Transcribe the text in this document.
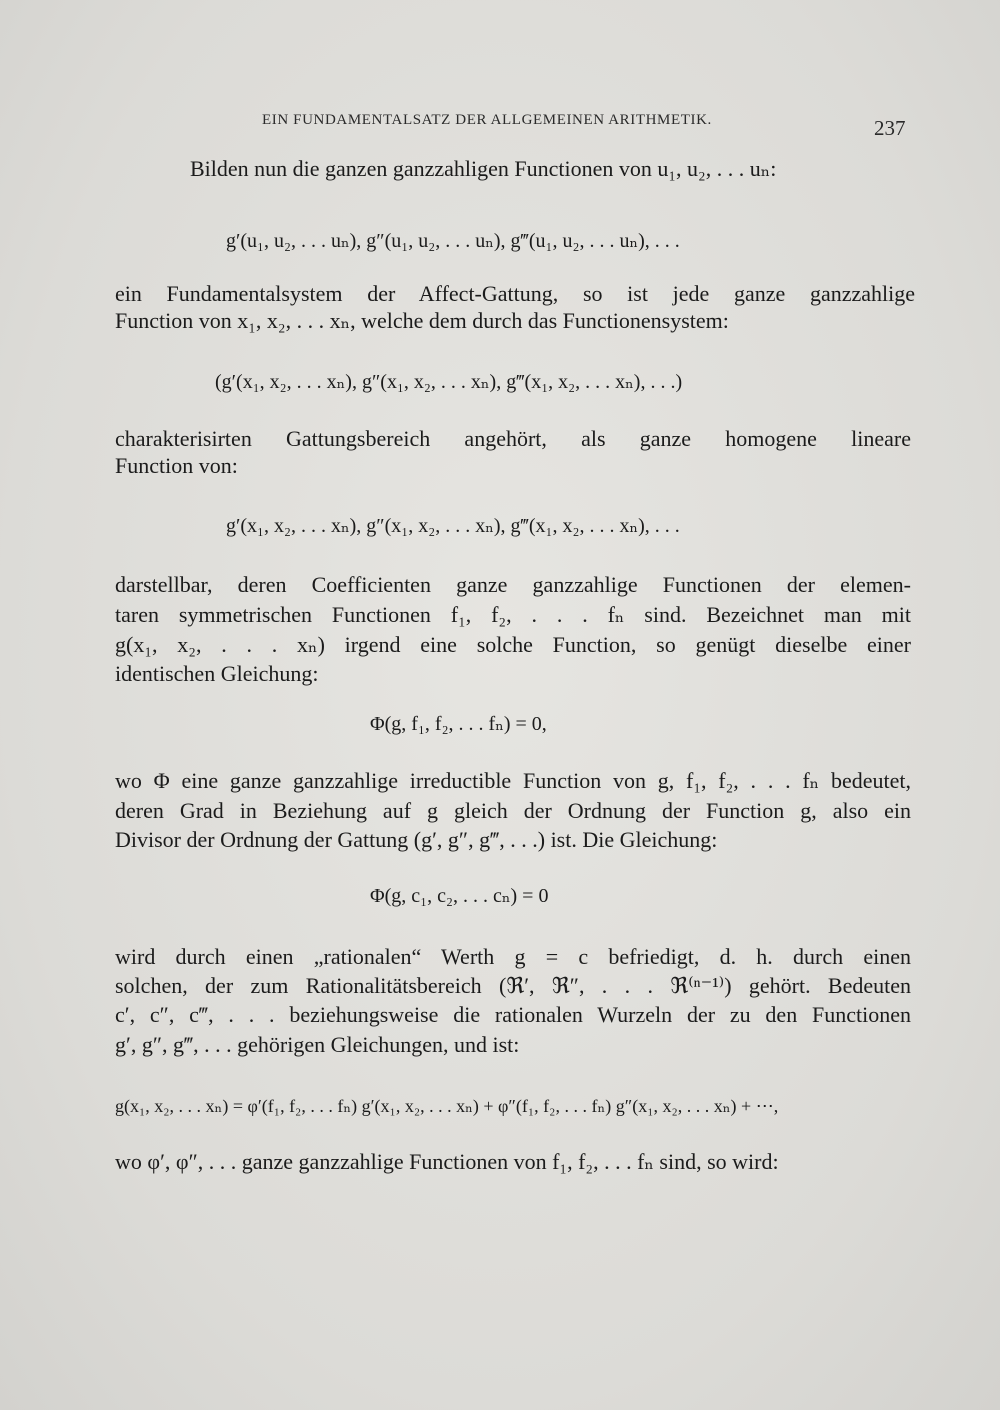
EIN FUNDAMENTALSATZ DER ALLGEMEINEN ARITHMETIK.	237
Bilden nun die ganzen ganzzahligen Functionen von u₁, u₂, . . . uₙ:
g′(u₁, u₂, . . . uₙ), g″(u₁, u₂, . . . uₙ), g‴(u₁, u₂, . . . uₙ), . . .
ein Fundamentalsystem der Affect-Gattung, so ist jede ganze ganzzahlige
Function von x₁, x₂, . . . xₙ, welche dem durch das Functionensystem:
(g′(x₁, x₂, . . . xₙ), g″(x₁, x₂, . . . xₙ), g‴(x₁, x₂, . . . xₙ), . . .)
charakterisirten Gattungsbereich angehört, als ganze homogene lineare
Function von:
g′(x₁, x₂, . . . xₙ), g″(x₁, x₂, . . . xₙ), g‴(x₁, x₂, . . . xₙ), . . .
darstellbar, deren Coefficienten ganze ganzzahlige Functionen der elemen-
taren symmetrischen Functionen f₁, f₂, . . . fₙ sind. Bezeichnet man mit
g(x₁, x₂, . . . xₙ) irgend eine solche Function, so genügt dieselbe einer
identischen Gleichung:
Φ(g, f₁, f₂, . . . fₙ) = 0,
wo Φ eine ganze ganzzahlige irreductible Function von g, f₁, f₂, . . . fₙ bedeutet,
deren Grad in Beziehung auf g gleich der Ordnung der Function g, also ein
Divisor der Ordnung der Gattung (g′, g″, g‴, . . .) ist. Die Gleichung:
Φ(g, c₁, c₂, . . . cₙ) = 0
wird durch einen „rationalen“ Werth g = c befriedigt, d. h. durch einen
solchen, der zum Rationalitätsbereich (ℜ′, ℜ″, . . . ℜ⁽ⁿ⁻¹⁾) gehört. Bedeuten
c′, c″, c‴, . . . beziehungsweise die rationalen Wurzeln der zu den Functionen
g′, g″, g‴, . . . gehörigen Gleichungen, und ist:
g(x₁, x₂, . . . xₙ) = φ′(f₁, f₂, . . . fₙ) g′(x₁, x₂, . . . xₙ) + φ″(f₁, f₂, . . . fₙ) g″(x₁, x₂, . . . xₙ) + ⋯,
wo φ′, φ″, . . . ganze ganzzahlige Functionen von f₁, f₂, . . . fₙ sind, so wird:
